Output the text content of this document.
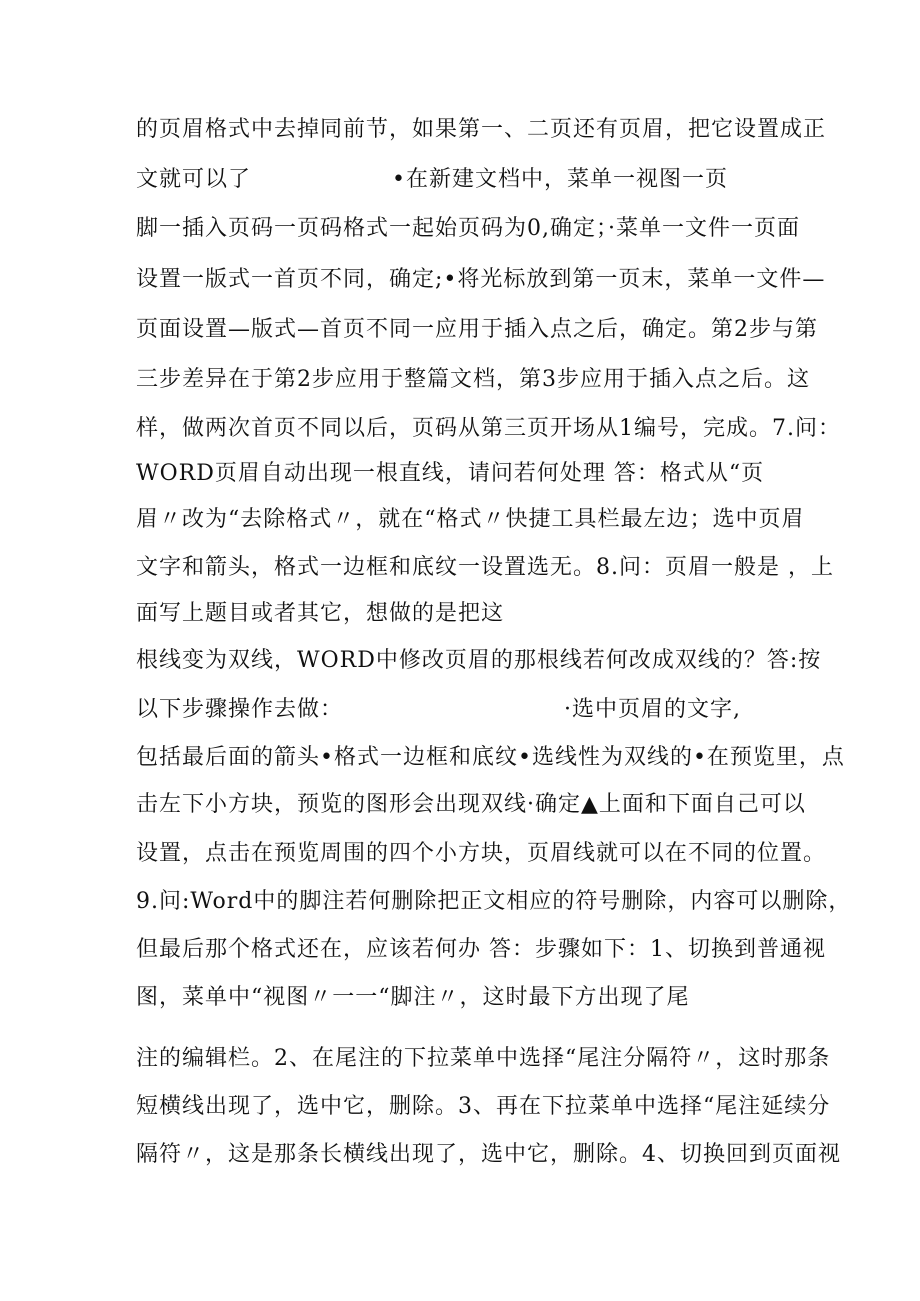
的页眉格式中去掉同前节，如果第一、二页还有页眉，把它设置成正
文就可以了	•在新建文档中，菜单一视图一页
脚一插入页码一页码格式一起始页码为0,确定；·菜单一文件一页面
设置一版式一首页不同，确定;•将光标放到第一页末，菜单一文件—
页面设置—版式—首页不同一应用于插入点之后，确定。第2步与第
三步差异在于第2步应用于整篇文档，第3步应用于插入点之后。这
样，做两次首页不同以后，页码从第三页开场从1编号，完成。7.问：
WORD页眉自动出现一根直线，请问若何处理 答：格式从“页
眉〃改为“去除格式〃，就在“格式〃快捷工具栏最左边；选中页眉
文字和箭头，格式一边框和底纹一设置选无。8.问：页眉一般是 ，上
面写上题目或者其它，想做的是把这
根线变为双线，WORD中修改页眉的那根线若何改成双线的？答:按
以下步骤操作去做：	·选中页眉的文字,
包括最后面的箭头•格式一边框和底纹•选线性为双线的•在预览里，点
击左下小方块，预览的图形会出现双线·确定▲上面和下面自己可以
设置，点击在预览周围的四个小方块，页眉线就可以在不同的位置。
9.问:Word中的脚注若何删除把正文相应的符号删除，内容可以删除，
但最后那个格式还在，应该若何办 答：步骤如下：1、切换到普通视
图，菜单中“视图〃一一“脚注〃，这时最下方出现了尾
注的编辑栏。2、在尾注的下拉菜单中选择“尾注分隔符〃，这时那条
短横线出现了，选中它，删除。3、再在下拉菜单中选择“尾注延续分
隔符〃，这是那条长横线出现了，选中它，删除。4、切换回到页面视
